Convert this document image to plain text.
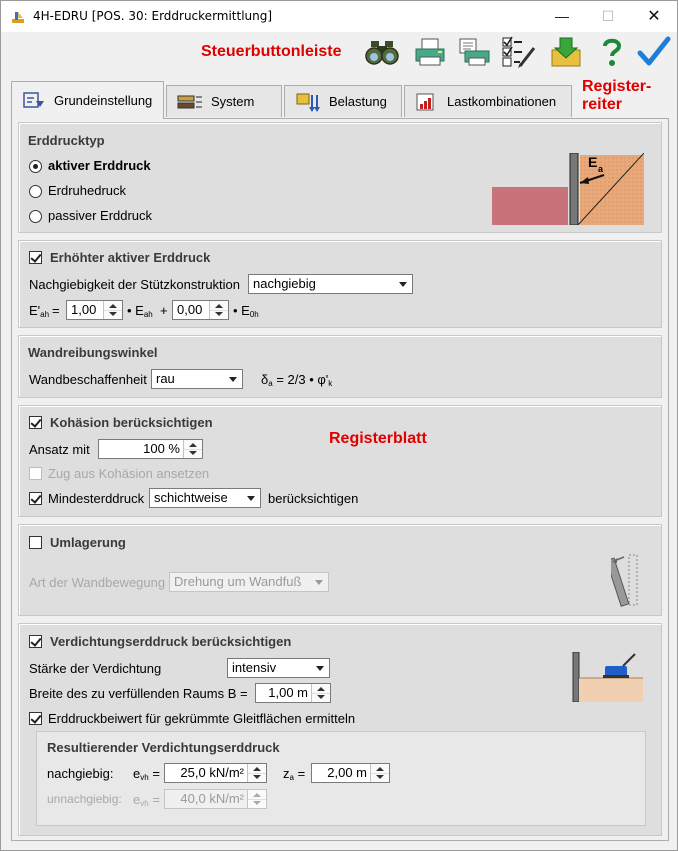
4H-EDRU [POS. 30: Erddruckermittlung]	—	☐	✕
Steuerbuttonleiste
Register-
reiter
Grundeinstellung	System	Belastung	Lastkombinationen
Erddrucktyp
aktiver Erddruck
Erdruhedruck
passiver Erddruck
E a
Erhöhter aktiver Erddruck
Nachgiebigkeit der Stützkonstruktion nachgiebig
$E'_{ah} = 1,00$	• $E_{ah} + 0,00$	• $E_{0h}$
Wandreibungswinkel
Wandbeschaffenheit rau	$\delta_a = 2/3$ • $\varphi'_k$
Kohäsion berücksichtigen
Registerblatt
Ansatz mit	100 %
Zug aus Kohäsion ansetzen
Mindesterddruck schichtweise	berücksichtigen
Umlagerung
Art der Wandbewegung Drehung um Wandfuß
Verdichtungserddruck berücksichtigen
Stärke der Verdichtung	intensiv
Breite des zu verfüllenden Raums B =	1,00 m
Erddruckbeiwert für gekrümmte Gleitflächen ermitteln
Resultierender Verdichtungserddruck
nachgiebig: $e_{vh}$ =	25,0 kN/m²	$z_a$ =	2,00 m
unnachgiebig: $e_{vh}$ =	40,0 kN/m²
